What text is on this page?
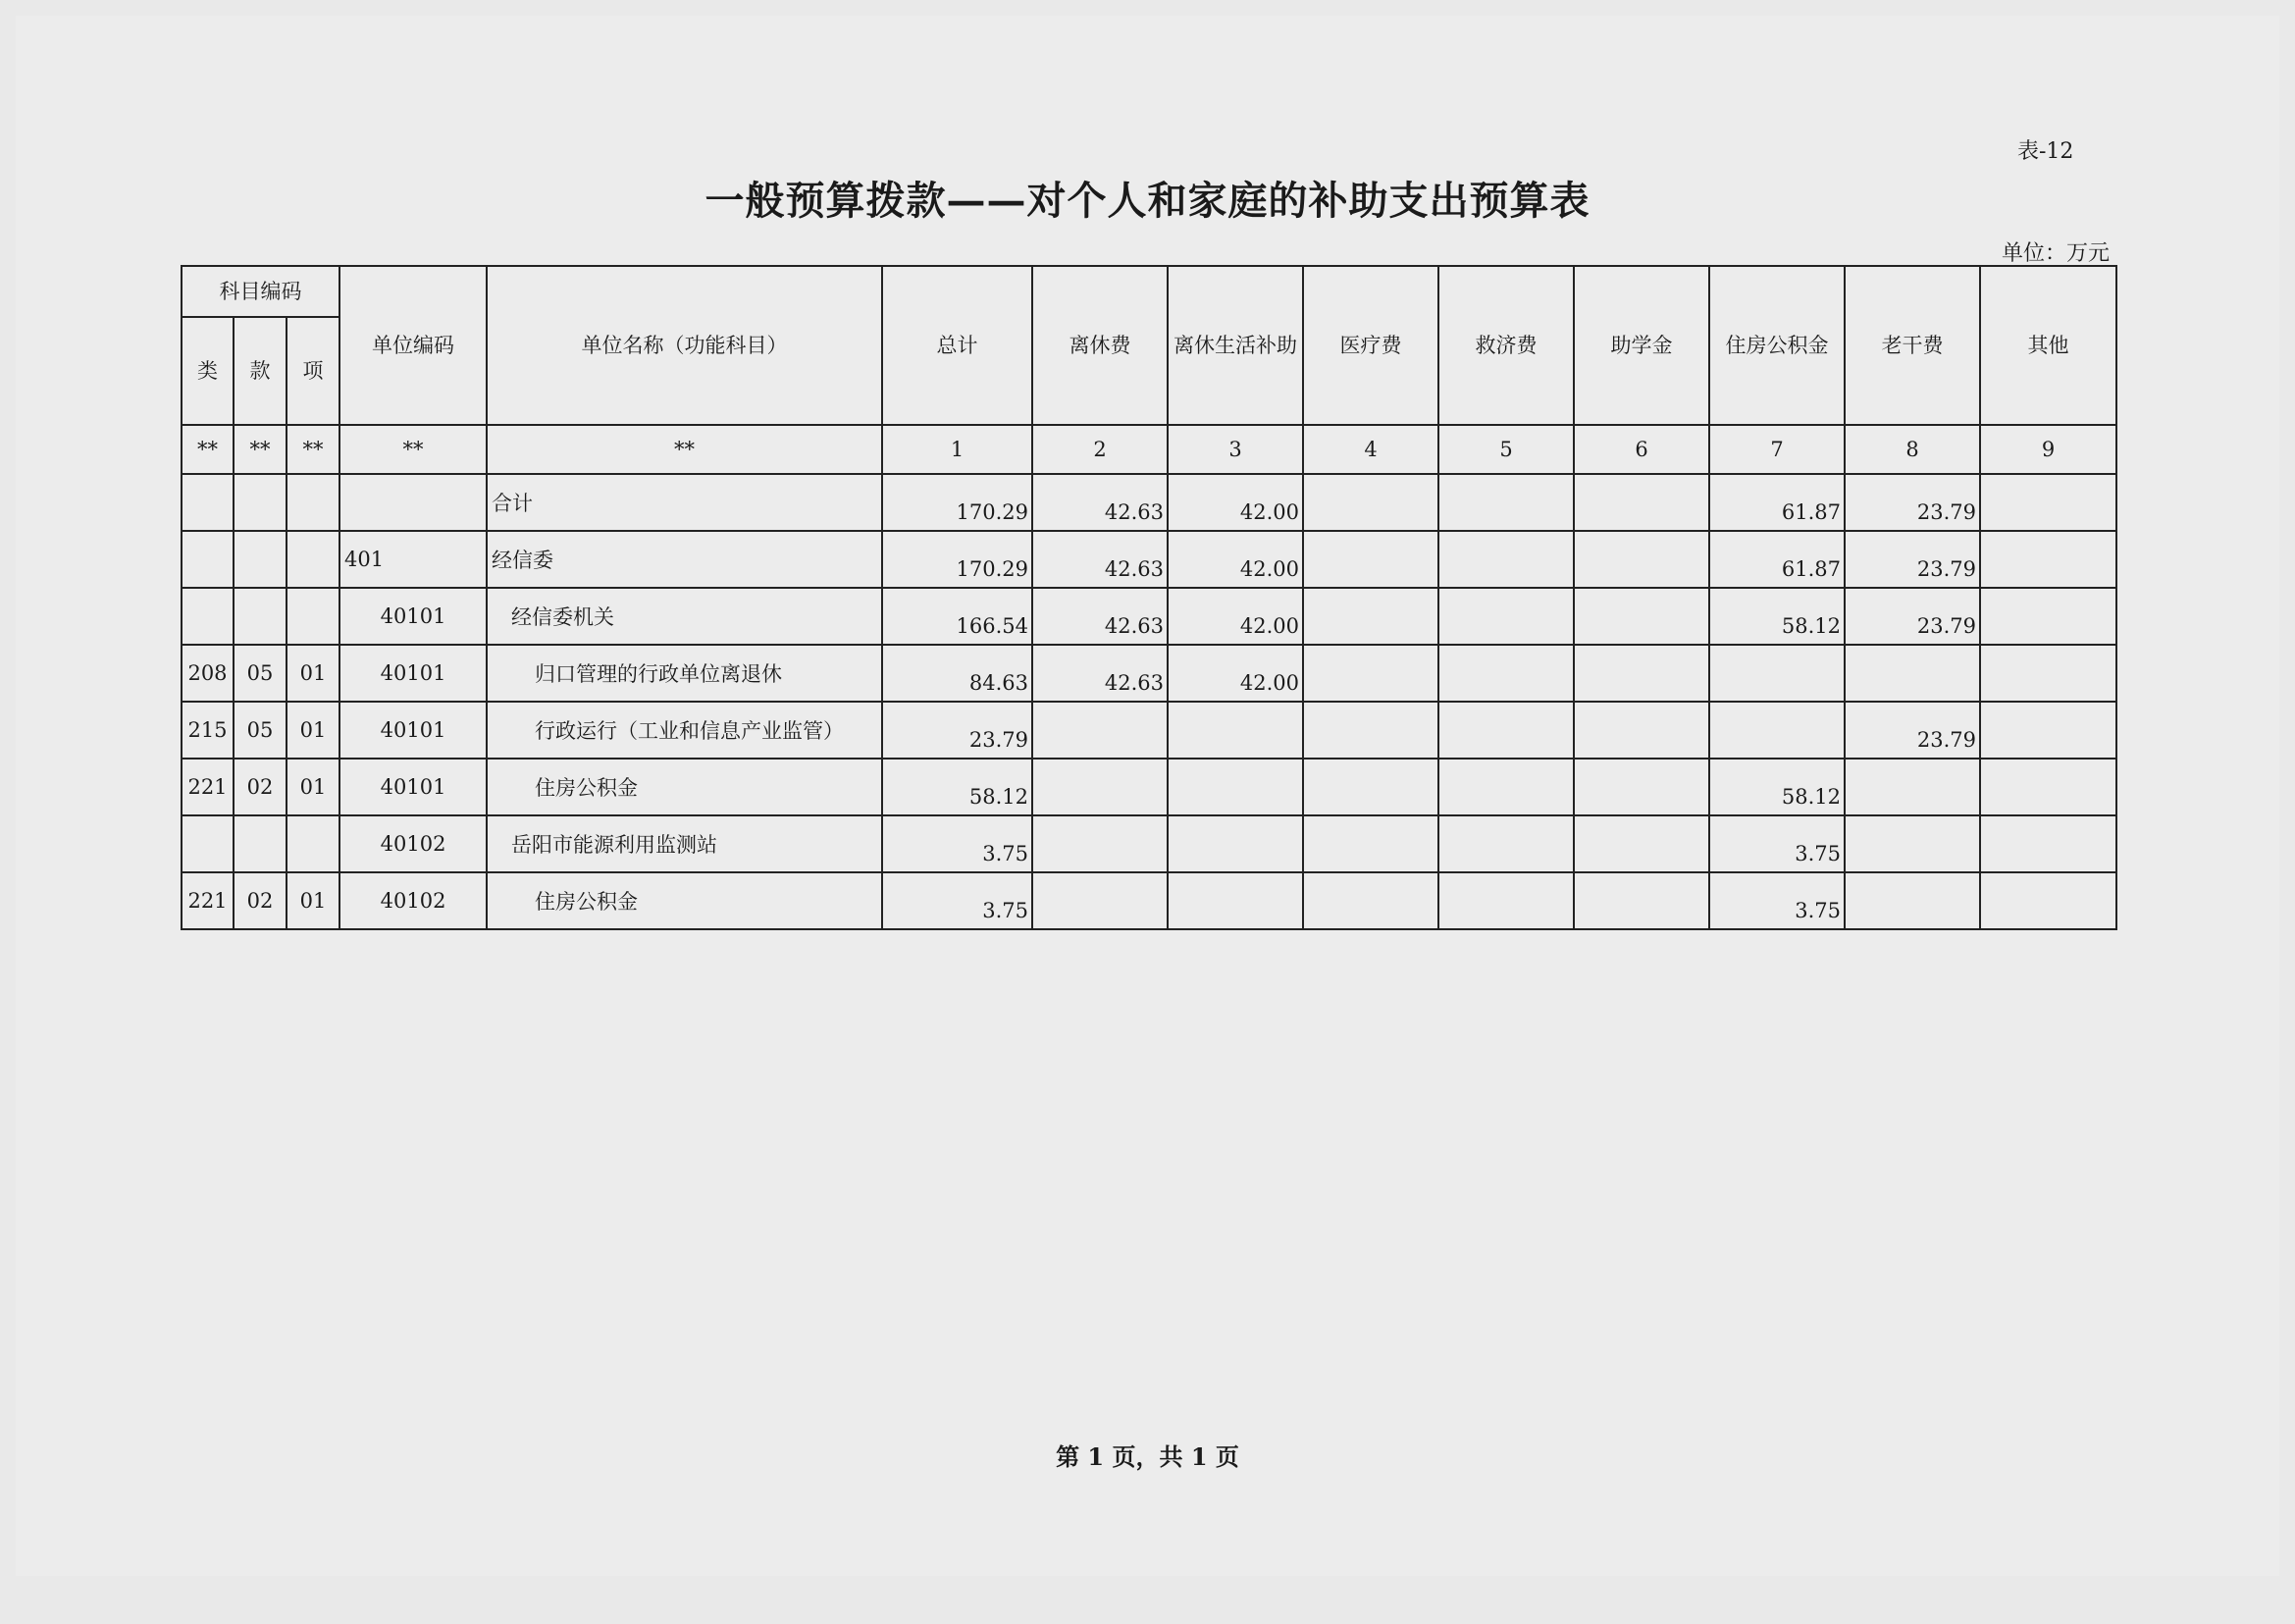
表-12
一般预算拨款——对个人和家庭的补助支出预算表
单位：万元
科目编码			单位编码	单位名称（功能科目）	总计	离休费	离休生活补助	医疗费	救济费	助学金	住房公积金	老干费	其他
类	款	项											
**	**	**	**	**	1	2	3	4	5	6	7	8	9
				合计	170.29	42.63	42.00				61.87	23.79	
			401	经信委	170.29	42.63	42.00				61.87	23.79	
			40101	经信委机关	166.54	42.63	42.00				58.12	23.79	
208	05	01	40101	归口管理的行政单位离退休	84.63	42.63	42.00						
215	05	01	40101	行政运行（工业和信息产业监管）	23.79							23.79	
221	02	01	40101	住房公积金	58.12						58.12		
			40102	岳阳市能源利用监测站	3.75						3.75		
221	02	01	40102	住房公积金	3.75						3.75		
第 1 页，共 1 页
